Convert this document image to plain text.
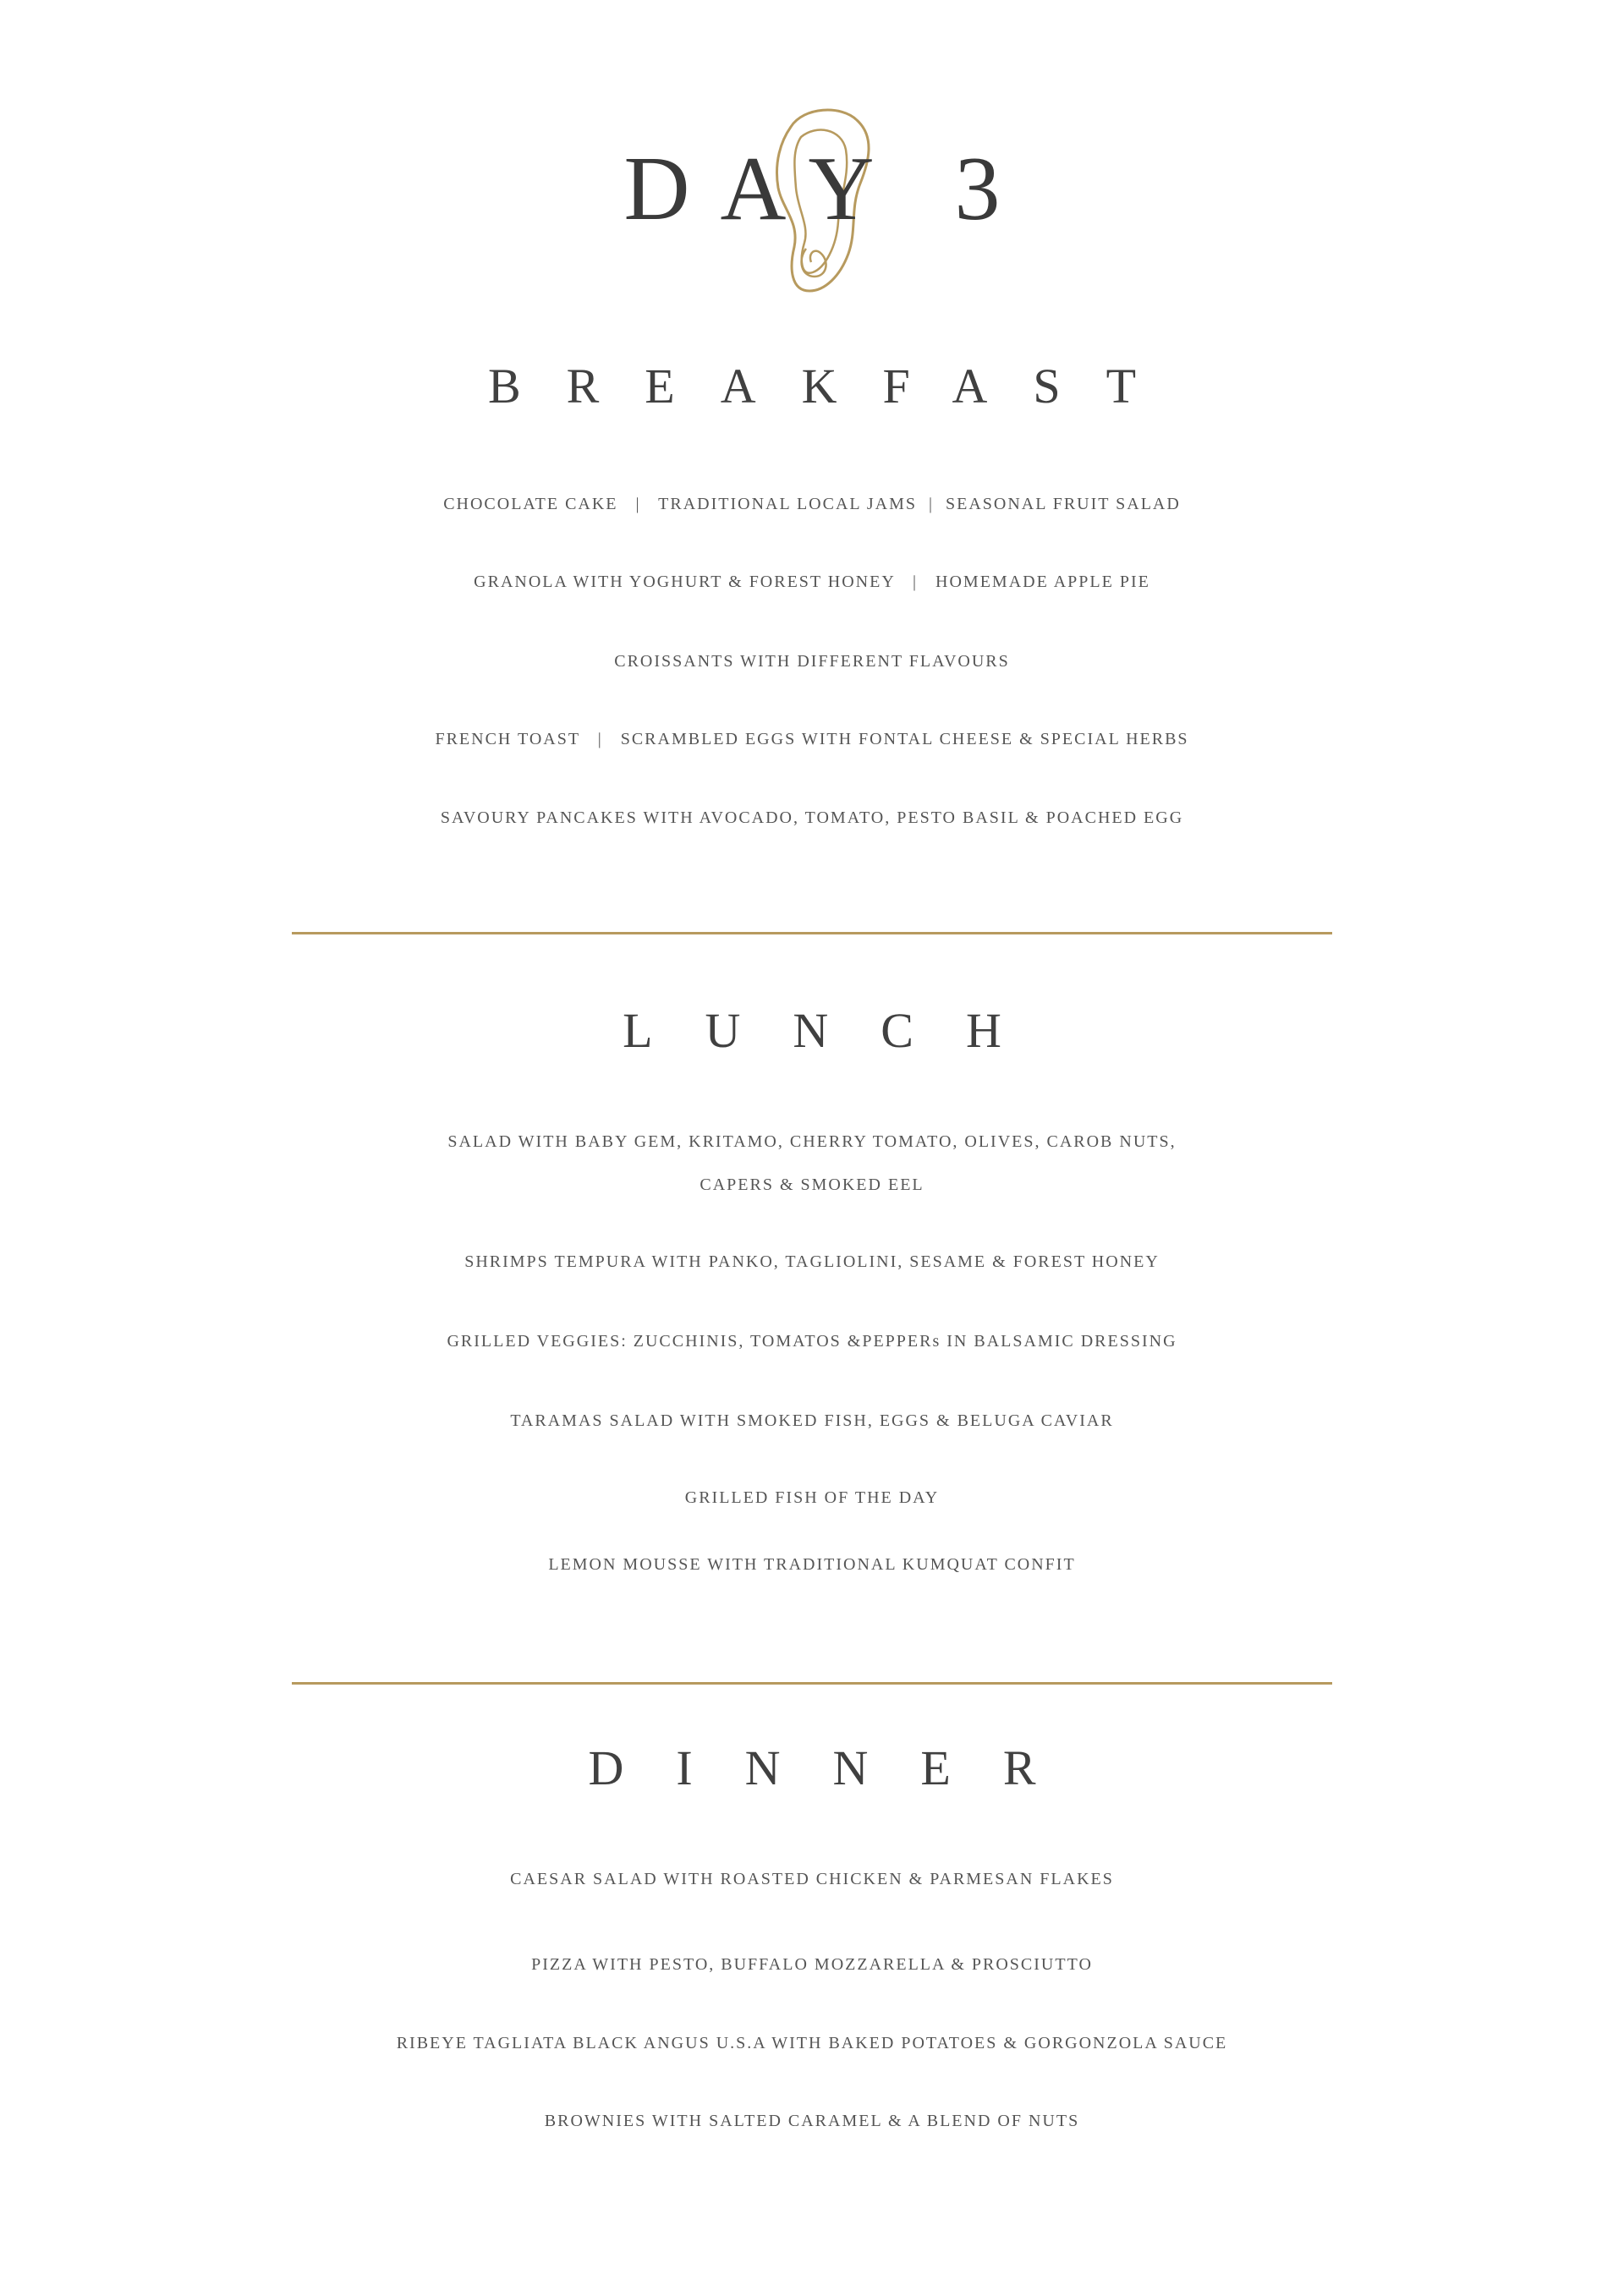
DAY 3
BREAKFAST
CHOCOLATE CAKE   |   TRADITIONAL LOCAL JAMS  |  SEASONAL FRUIT SALAD
GRANOLA WITH YOGHURT & FOREST HONEY   |   HOMEMADE APPLE PIE
CROISSANTS WITH DIFFERENT FLAVOURS
FRENCH TOAST   |   SCRAMBLED EGGS WITH FONTAL CHEESE & SPECIAL HERBS
SAVOURY PANCAKES WITH AVOCADO, TOMATO, PESTO BASIL & POACHED EGG
LUNCH
SALAD WITH BABY GEM, KRITAMO, CHERRY TOMATO, OLIVES, CAROB NUTS,
CAPERS & SMOKED EEL
SHRIMPS TEMPURA WITH PANKO, TAGLIOLINI, SESAME & FOREST HONEY
GRILLED VEGGIES: ZUCCHINIS, TOMATOS &PEPPERs IN BALSAMIC DRESSING
TARAMAS SALAD WITH SMOKED FISH, EGGS & BELUGA CAVIAR
GRILLED FISH OF THE DAY
LEMON MOUSSE WITH TRADITIONAL KUMQUAT CONFIT
DINNER
CAESAR SALAD WITH ROASTED CHICKEN & PARMESAN FLAKES
PIZZA WITH PESTO, BUFFALO MOZZARELLA & PROSCIUTTO
RIBEYE TAGLIATA BLACK ANGUS U.S.A WITH BAKED POTATOES & GORGONZOLA SAUCE
BROWNIES WITH SALTED CARAMEL & A BLEND OF NUTS
